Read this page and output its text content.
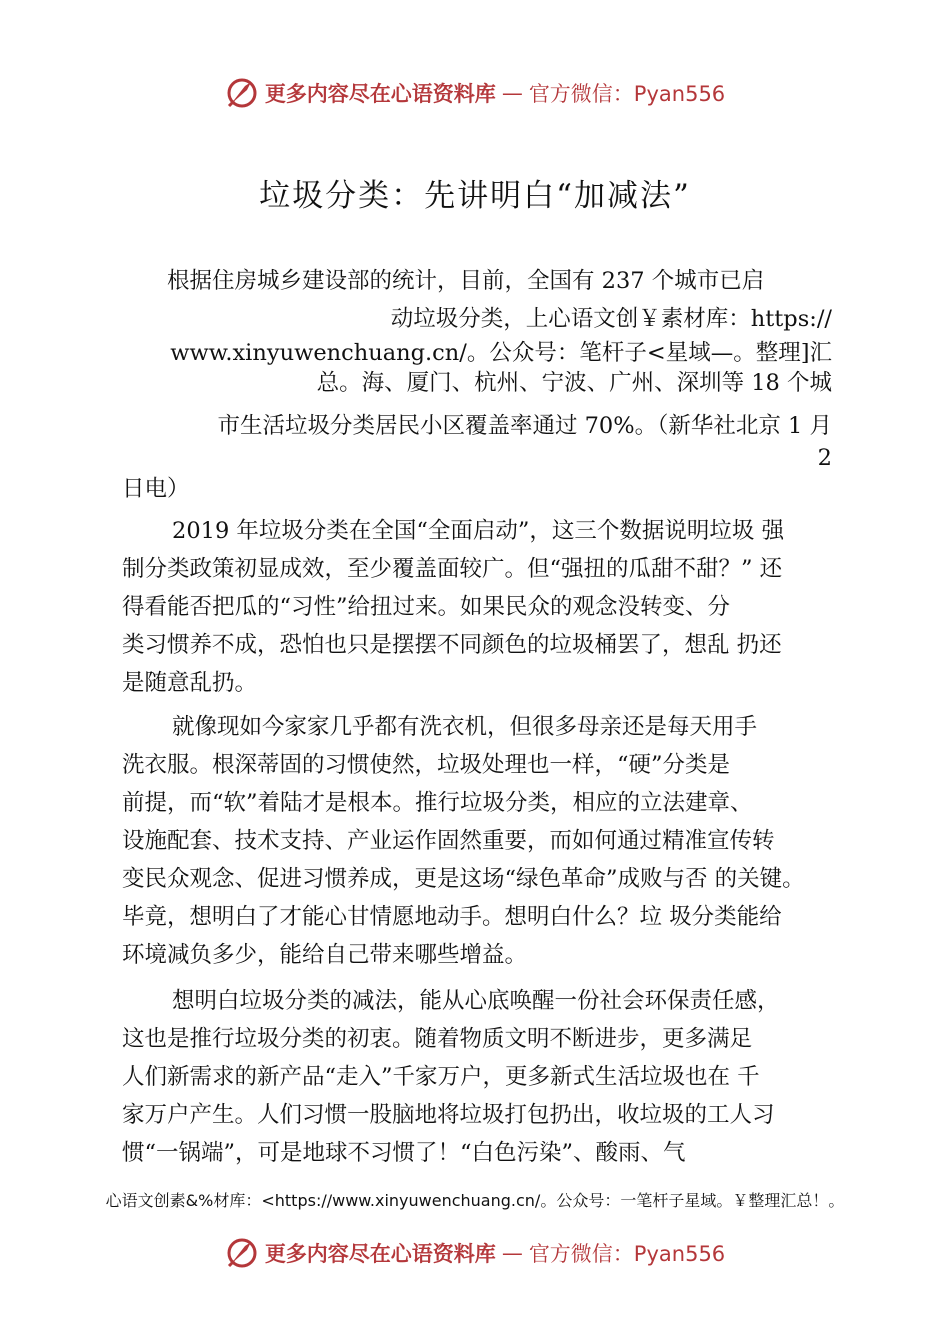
更多内容尽在心语资料库 — 官方微信：Pyan556
垃圾分类：先讲明白“加减法”
根据住房城乡建设部的统计，目前，全国有 237 个城市已启
动垃圾分类，上心语文创￥素材库：https://
www.xinyuwenchuang.cn/。公众号：笔杆子<星域—。整理]汇
总。海、厦门、杭州、宁波、广州、深圳等 18 个城
市生活垃圾分类居民小区覆盖率通过 70%。（新华社北京 1 月
2
日电）
2019 年垃圾分类在全国“全面启动”，这三个数据说明垃圾 强
制分类政策初显成效，至少覆盖面较广。但“强扭的瓜甜不甜？” 还
得看能否把瓜的“习性”给扭过来。如果民众的观念没转变、分
类习惯养不成，恐怕也只是摆摆不同颜色的垃圾桶罢了，想乱 扔还
是随意乱扔。
就像现如今家家几乎都有洗衣机，但很多母亲还是每天用手
洗衣服。根深蒂固的习惯使然，垃圾处理也一样，“硬”分类是
前提，而“软”着陆才是根本。推行垃圾分类，相应的立法建章、
设施配套、技术支持、产业运作固然重要，而如何通过精准宣传转
变民众观念、促进习惯养成，更是这场“绿色革命”成败与否 的关键。
毕竟，想明白了才能心甘情愿地动手。想明白什么？垃 圾分类能给
环境减负多少，能给自己带来哪些增益。
想明白垃圾分类的减法，能从心底唤醒一份社会环保责任感，
这也是推行垃圾分类的初衷。随着物质文明不断进步，更多满足
人们新需求的新产品“走入”千家万户，更多新式生活垃圾也在 千
家万户产生。人们习惯一股脑地将垃圾打包扔出，收垃圾的工人习
惯“一锅端”，可是地球不习惯了！“白色污染”、酸雨、气
心语文创素&%材库：<https://www.xinyuwenchuang.cn/。公众号：一笔杆子星域。￥整理汇总！。
更多内容尽在心语资料库 — 官方微信：Pyan556
